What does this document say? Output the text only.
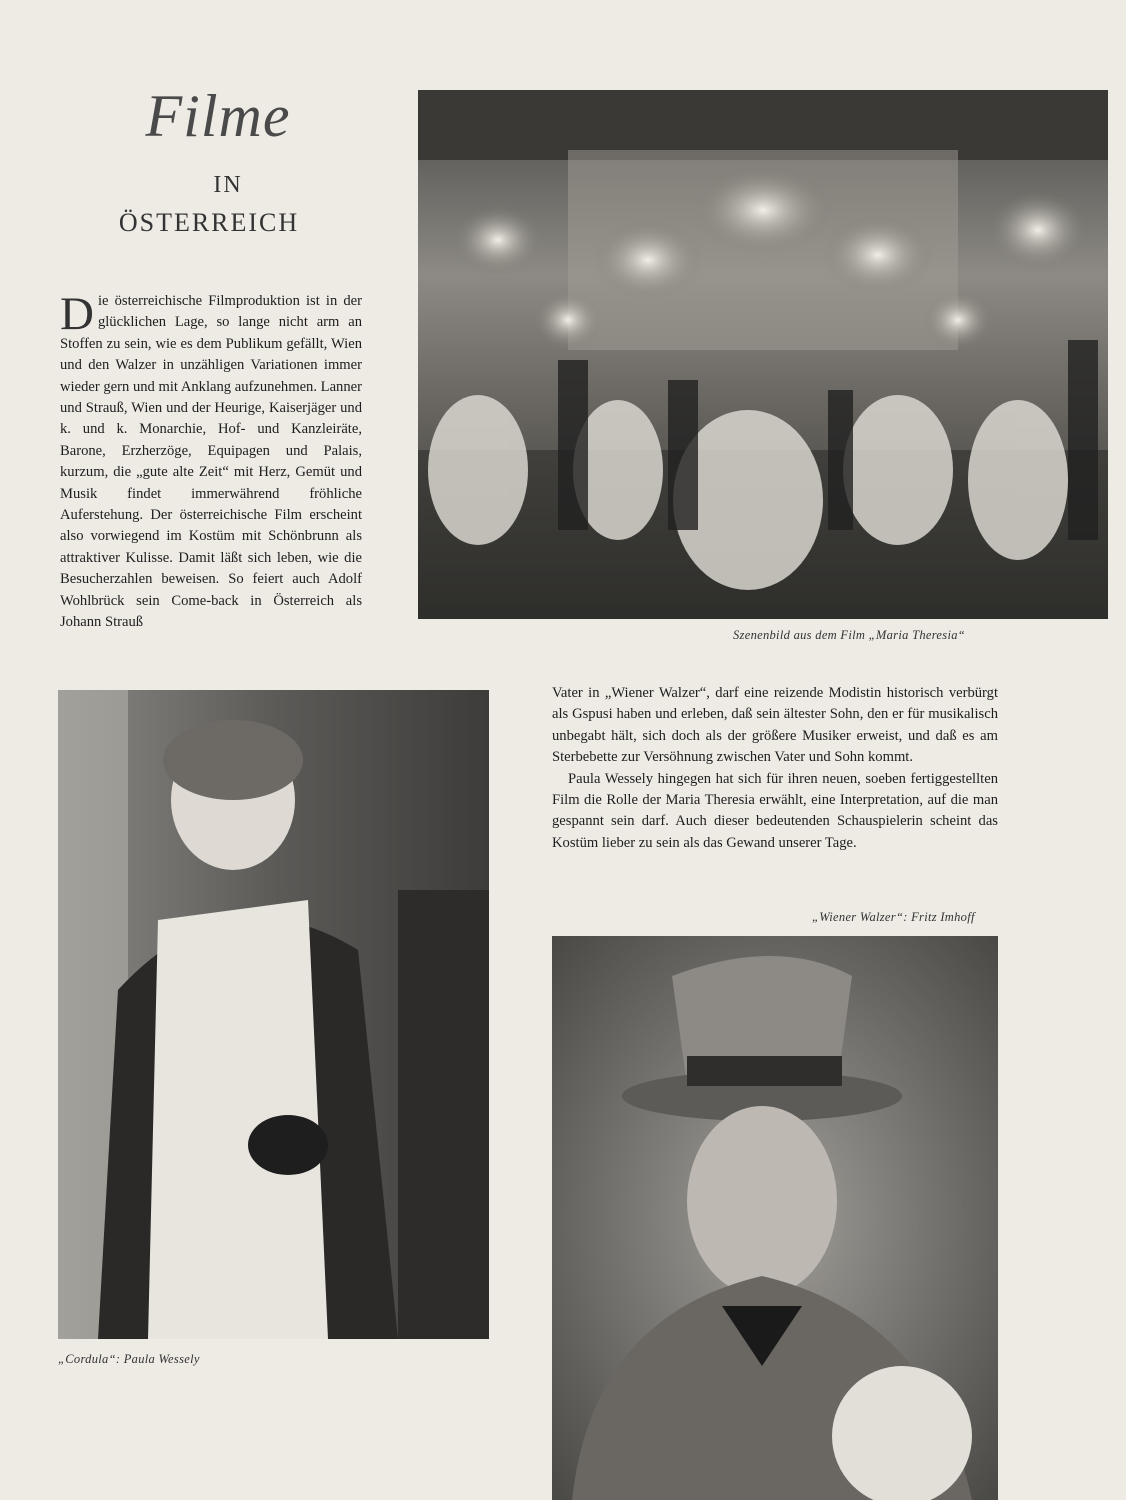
Filme
IN
ÖSTERREICH
Die österreichische Filmproduktion ist in der glücklichen Lage, so lange nicht arm an Stoffen zu sein, wie es dem Publikum gefällt, Wien und den Walzer in unzähligen Variationen immer wieder gern und mit Anklang aufzunehmen. Lanner und Strauß, Wien und der Heurige, Kaiserjäger und k. und k. Monarchie, Hof- und Kanzleiräte, Barone, Erzherzöge, Equipagen und Palais, kurzum, die „gute alte Zeit“ mit Herz, Gemüt und Musik findet immerwährend fröhliche Auferstehung. Der österreichische Film erscheint also vorwiegend im Kostüm mit Schönbrunn als attraktiver Kulisse. Damit läßt sich leben, wie die Besucherzahlen beweisen. So feiert auch Adolf Wohlbrück sein Come-back in Österreich als Johann Strauß
Szenenbild aus dem Film „Maria Theresia“

Vater in „Wiener Walzer“, darf eine reizende Modistin historisch verbürgt als Gspusi haben und erleben, daß sein ältester Sohn, den er für musikalisch unbegabt hält, sich doch als der größere Musiker erweist, und daß es am Sterbebette zur Versöhnung zwischen Vater und Sohn kommt.

Paula Wessely hingegen hat sich für ihren neuen, soeben fertiggestellten Film die Rolle der Maria Theresia erwählt, eine Interpretation, auf die man gespannt sein darf. Auch dieser bedeutenden Schauspielerin scheint das Kostüm lieber zu sein als das Gewand unserer Tage.

„Cordula“: Paula Wessely
„Wiener Walzer“: Fritz Imhoff
